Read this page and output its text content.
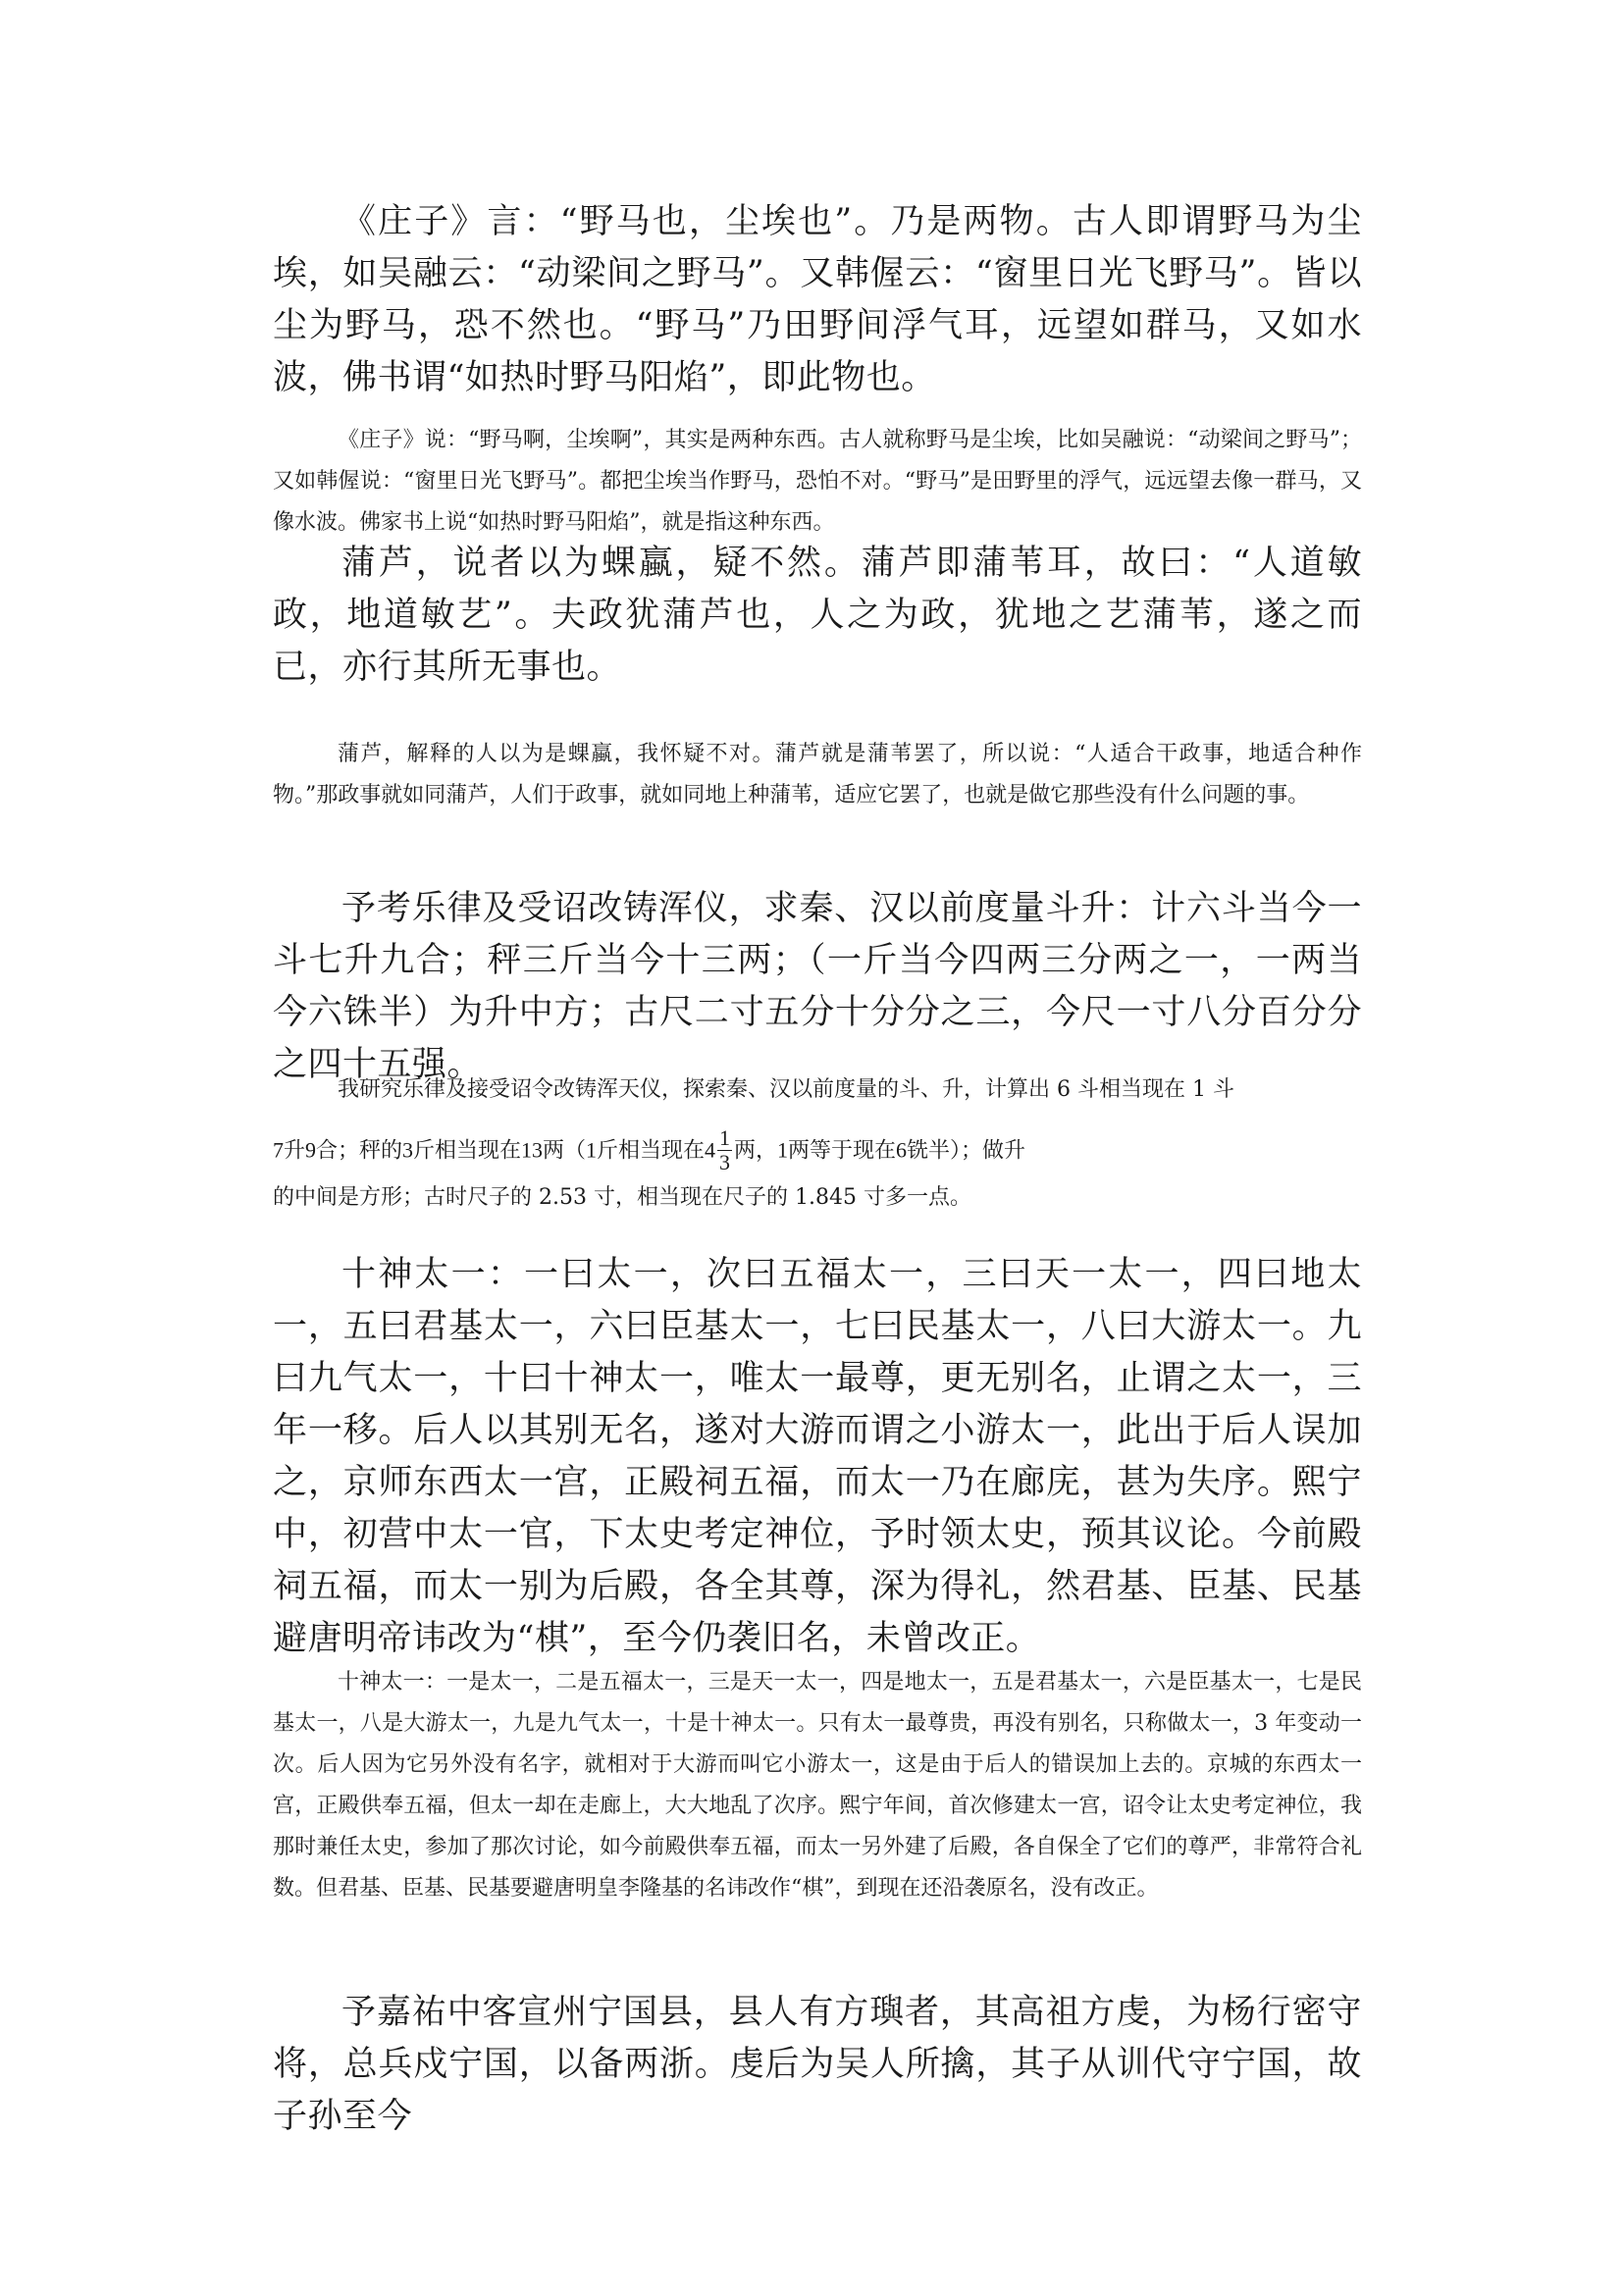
《庄子》言：“野马也，尘埃也”。乃是两物。古人即谓野马为尘埃，如吴融云：“动梁间之野马”。又韩偓云：“窗里日光飞野马”。皆以尘为野马，恐不然也。“野马”乃田野间浮气耳，远望如群马，又如水波，佛书谓“如热时野马阳焰”，即此物也。

《庄子》说：“野马啊，尘埃啊”，其实是两种东西。古人就称野马是尘埃，比如吴融说：“动梁间之野马”；又如韩偓说：“窗里日光飞野马”。都把尘埃当作野马，恐怕不对。“野马”是田野里的浮气，远远望去像一群马，又像水波。佛家书上说“如热时野马阳焰”，就是指这种东西。

蒲芦，说者以为蜾蠃，疑不然。蒲芦即蒲苇耳，故曰：“人道敏政，地道敏艺”。夫政犹蒲芦也，人之为政，犹地之艺蒲苇，遂之而已，亦行其所无事也。

蒲芦，解释的人以为是蜾蠃，我怀疑不对。蒲芦就是蒲苇罢了，所以说：“人适合干政事，地适合种作物。”那政事就如同蒲芦，人们于政事，就如同地上种蒲苇，适应它罢了，也就是做它那些没有什么问题的事。

予考乐律及受诏改铸浑仪，求秦、汉以前度量斗升：计六斗当今一斗七升九合；秤三斤当今十三两；（一斤当今四两三分两之一，一两当今六铢半）为升中方；古尺二寸五分十分分之三，今尺一寸八分百分分之四十五强。

我研究乐律及接受诏令改铸浑天仪，探索秦、汉以前度量的斗、升，计算出 6 斗相当现在 1 斗
7升9合；秤的3斤相当现在13两（1斤相当现在$4 \frac{1}{3}$ 两，1两等于现在6铣半）；做升
的中间是方形；古时尺子的 2.53 寸，相当现在尺子的 1.845 寸多一点。

十神太一：一曰太一，次曰五福太一，三曰天一太一，四曰地太一，五曰君基太一，六曰臣基太一，七曰民基太一，八曰大游太一。九曰九气太一，十曰十神太一，唯太一最尊，更无别名，止谓之太一，三年一移。后人以其别无名，遂对大游而谓之小游太一，此出于后人误加之，京师东西太一宫，正殿祠五福，而太一乃在廊庑，甚为失序。熙宁中，初营中太一官，下太史考定神位，予时领太史，预其议论。今前殿祠五福，而太一别为后殿，各全其尊，深为得礼，然君基、臣基、民基避唐明帝讳改为“棋”，至今仍袭旧名，未曾改正。

十神太一：一是太一，二是五福太一，三是天一太一，四是地太一，五是君基太一，六是臣基太一，七是民基太一，八是大游太一，九是九气太一，十是十神太一。只有太一最尊贵，再没有别名，只称做太一，3 年变动一次。后人因为它另外没有名字，就相对于大游而叫它小游太一，这是由于后人的错误加上去的。京城的东西太一宫，正殿供奉五福，但太一却在走廊上，大大地乱了次序。熙宁年间，首次修建太一宫，诏令让太史考定神位，我那时兼任太史，参加了那次讨论，如今前殿供奉五福，而太一另外建了后殿，各自保全了它们的尊严，非常符合礼数。但君基、臣基、民基要避唐明皇李隆基的名讳改作“棋”，到现在还沿袭原名，没有改正。

予嘉祐中客宣州宁国县，县人有方璵者，其高祖方虔，为杨行密守将，总兵戍宁国，以备两浙。虔后为吴人所擒，其子从训代守宁国，故子孙至今
